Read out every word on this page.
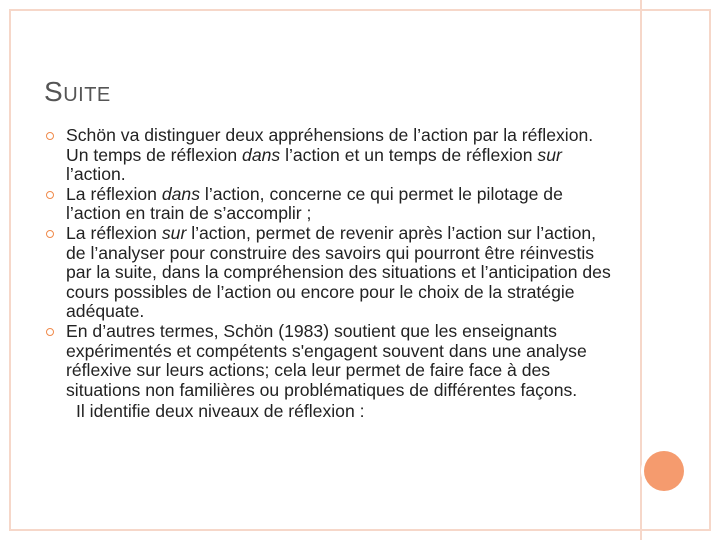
SUITE
Schön va distinguer deux appréhensions de l’action par la réflexion. Un temps de réflexion dans l’action et un temps de réflexion sur l’action.
La réflexion dans l’action, concerne ce qui permet le pilotage de l’action en train de s’accomplir ;
La réflexion sur l’action, permet de revenir après l’action sur l’action, de l’analyser pour construire des savoirs qui pourront être réinvestis par la suite, dans la compréhension des situations et l’anticipation des cours possibles de l’action ou encore pour le choix de la stratégie adéquate.
En d’autres termes, Schön (1983) soutient que les enseignants expérimentés et compétents s'engagent souvent dans une analyse réflexive sur leurs actions; cela leur permet de faire face à des situations non familières ou problématiques de différentes façons.
Il identifie deux niveaux de réflexion :
